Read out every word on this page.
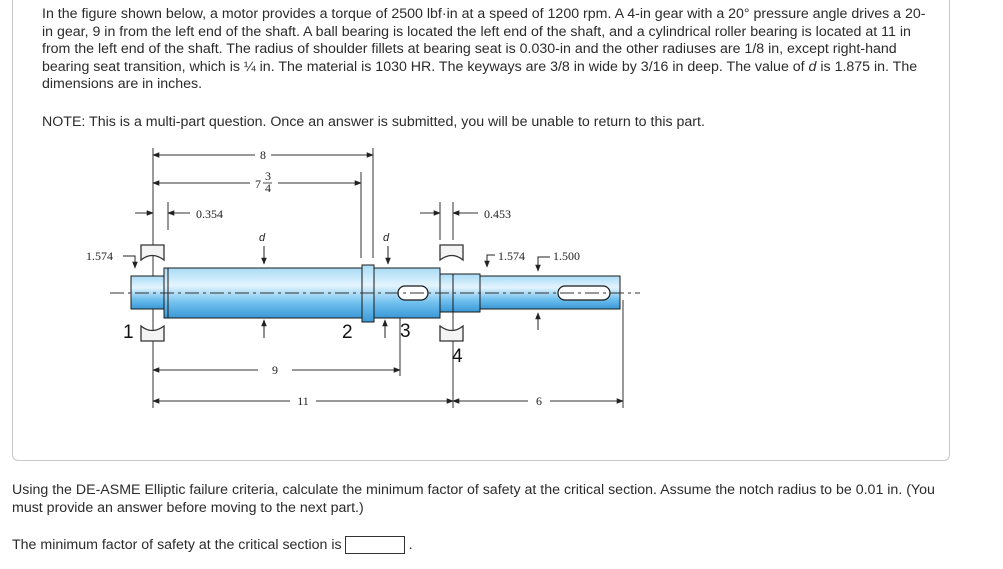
In the figure shown below, a motor provides a torque of 2500 lbf·in at a speed of 1200 rpm. A 4-in gear with a 20° pressure angle drives a 20-in gear, 9 in from the left end of the shaft. A ball bearing is located the left end of the shaft, and a cylindrical roller bearing is located at 11 in from the left end of the shaft. The radius of shoulder fillets at bearing seat is 0.030-in and the other radiuses are 1/8 in, except right-hand bearing seat transition, which is ¼ in. The material is 1030 HR. The keyways are 3/8 in wide by 3/16 in deep. The value of d is 1.875 in. The dimensions are in inches.

NOTE: This is a multi-part question. Once an answer is submitted, you will be unable to return to this part.

8
7
3
4
0.354	0.453
d	d
1.574	1.574 1.500
1	2 3
4
9
11	6

Using the DE-ASME Elliptic failure criteria, calculate the minimum factor of safety at the critical section. Assume the notch radius to be 0.01 in. (You must provide an answer before moving to the next part.)

The minimum factor of safety at the critical section is	.
